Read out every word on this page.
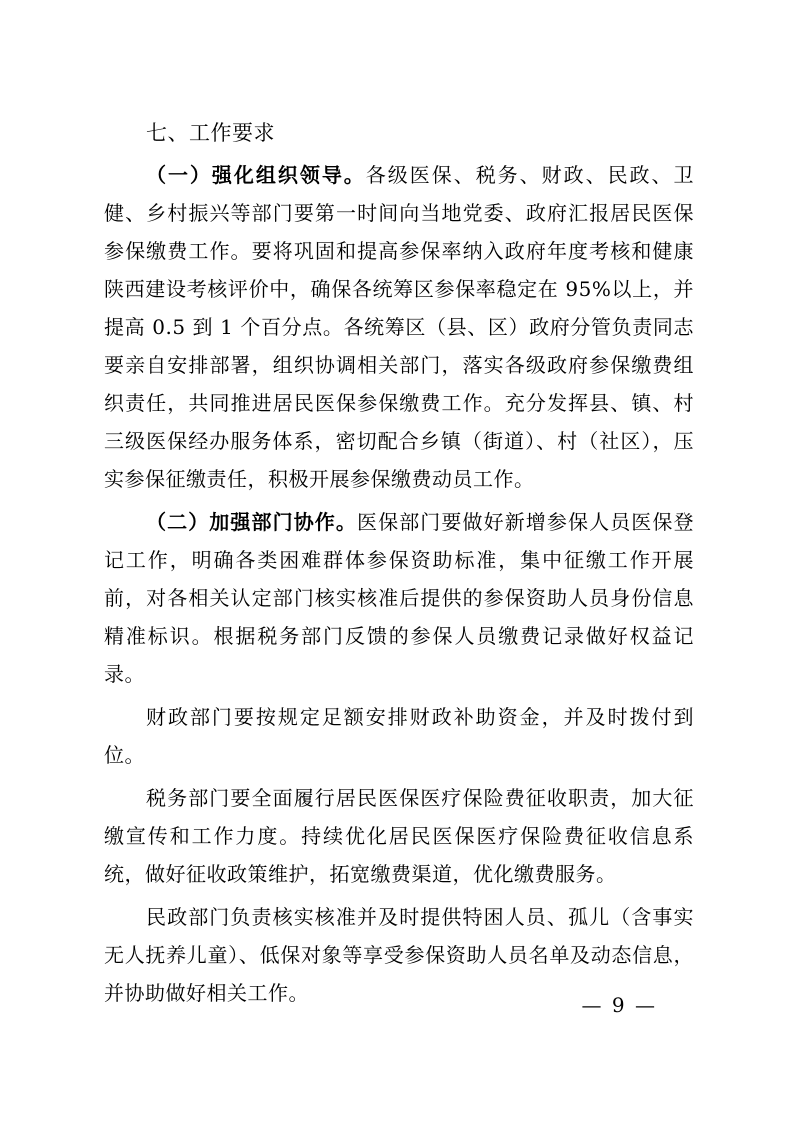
七、工作要求

（一）强化组织领导。各级医保、税务、财政、民政、卫健、乡村振兴等部门要第一时间向当地党委、政府汇报居民医保参保缴费工作。要将巩固和提高参保率纳入政府年度考核和健康陕西建设考核评价中，确保各统筹区参保率稳定在 95%以上，并提高 0.5 到 1 个百分点。各统筹区（县、区）政府分管负责同志要亲自安排部署，组织协调相关部门，落实各级政府参保缴费组织责任，共同推进居民医保参保缴费工作。充分发挥县、镇、村三级医保经办服务体系，密切配合乡镇（街道）、村（社区），压实参保征缴责任，积极开展参保缴费动员工作。

（二）加强部门协作。医保部门要做好新增参保人员医保登记工作，明确各类困难群体参保资助标准，集中征缴工作开展前，对各相关认定部门核实核准后提供的参保资助人员身份信息精准标识。根据税务部门反馈的参保人员缴费记录做好权益记录。

财政部门要按规定足额安排财政补助资金，并及时拨付到位。

税务部门要全面履行居民医保医疗保险费征收职责，加大征缴宣传和工作力度。持续优化居民医保医疗保险费征收信息系统，做好征收政策维护，拓宽缴费渠道，优化缴费服务。

民政部门负责核实核准并及时提供特困人员、孤儿（含事实无人抚养儿童）、低保对象等享受参保资助人员名单及动态信息，并协助做好相关工作。	— 9 —
